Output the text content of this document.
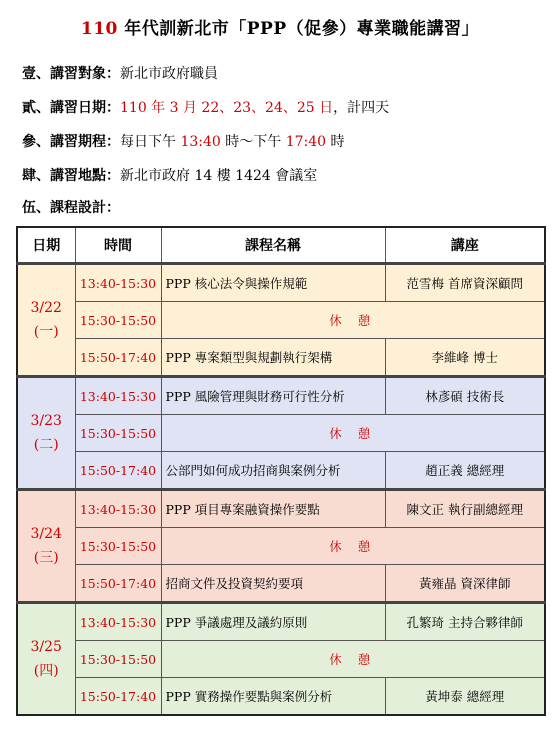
110 年代訓新北市「PPP（促參）專業職能講習」
壹、講習對象：新北市政府職員
貳、講習日期：110 年 3 月 22、23、24、25 日，計四天
參、講習期程：每日下午 13:40 時～下午 17:40 時
肆、講習地點：新北市政府 14 樓 1424 會議室
伍、課程設計：
日期	時間	課程名稱	講座

3/22
(一)	13:40-15:30	PPP 核心法令與操作規範	范雪梅 首席資深顧問
	15:30-15:50	休 憩	
	15:50-17:40	PPP 專案類型與規劃執行架構	李維峰 博士

3/23
(二)	13:40-15:30	PPP 風險管理與財務可行性分析	林彥碩 技術長
	15:30-15:50	休 憩	
	15:50-17:40	公部門如何成功招商與案例分析	趙正義 總經理

3/24
(三)	13:40-15:30	PPP 項目專案融資操作要點	陳文正 執行副總經理
	15:30-15:50	休 憩	
	15:50-17:40	招商文件及投資契約要項	黃雍晶 資深律師

3/25
(四)	13:40-15:30	PPP 爭議處理及議約原則	孔繁琦 主持合夥律師
	15:30-15:50	休 憩	
	15:50-17:40	PPP 實務操作要點與案例分析	黃坤泰 總經理
